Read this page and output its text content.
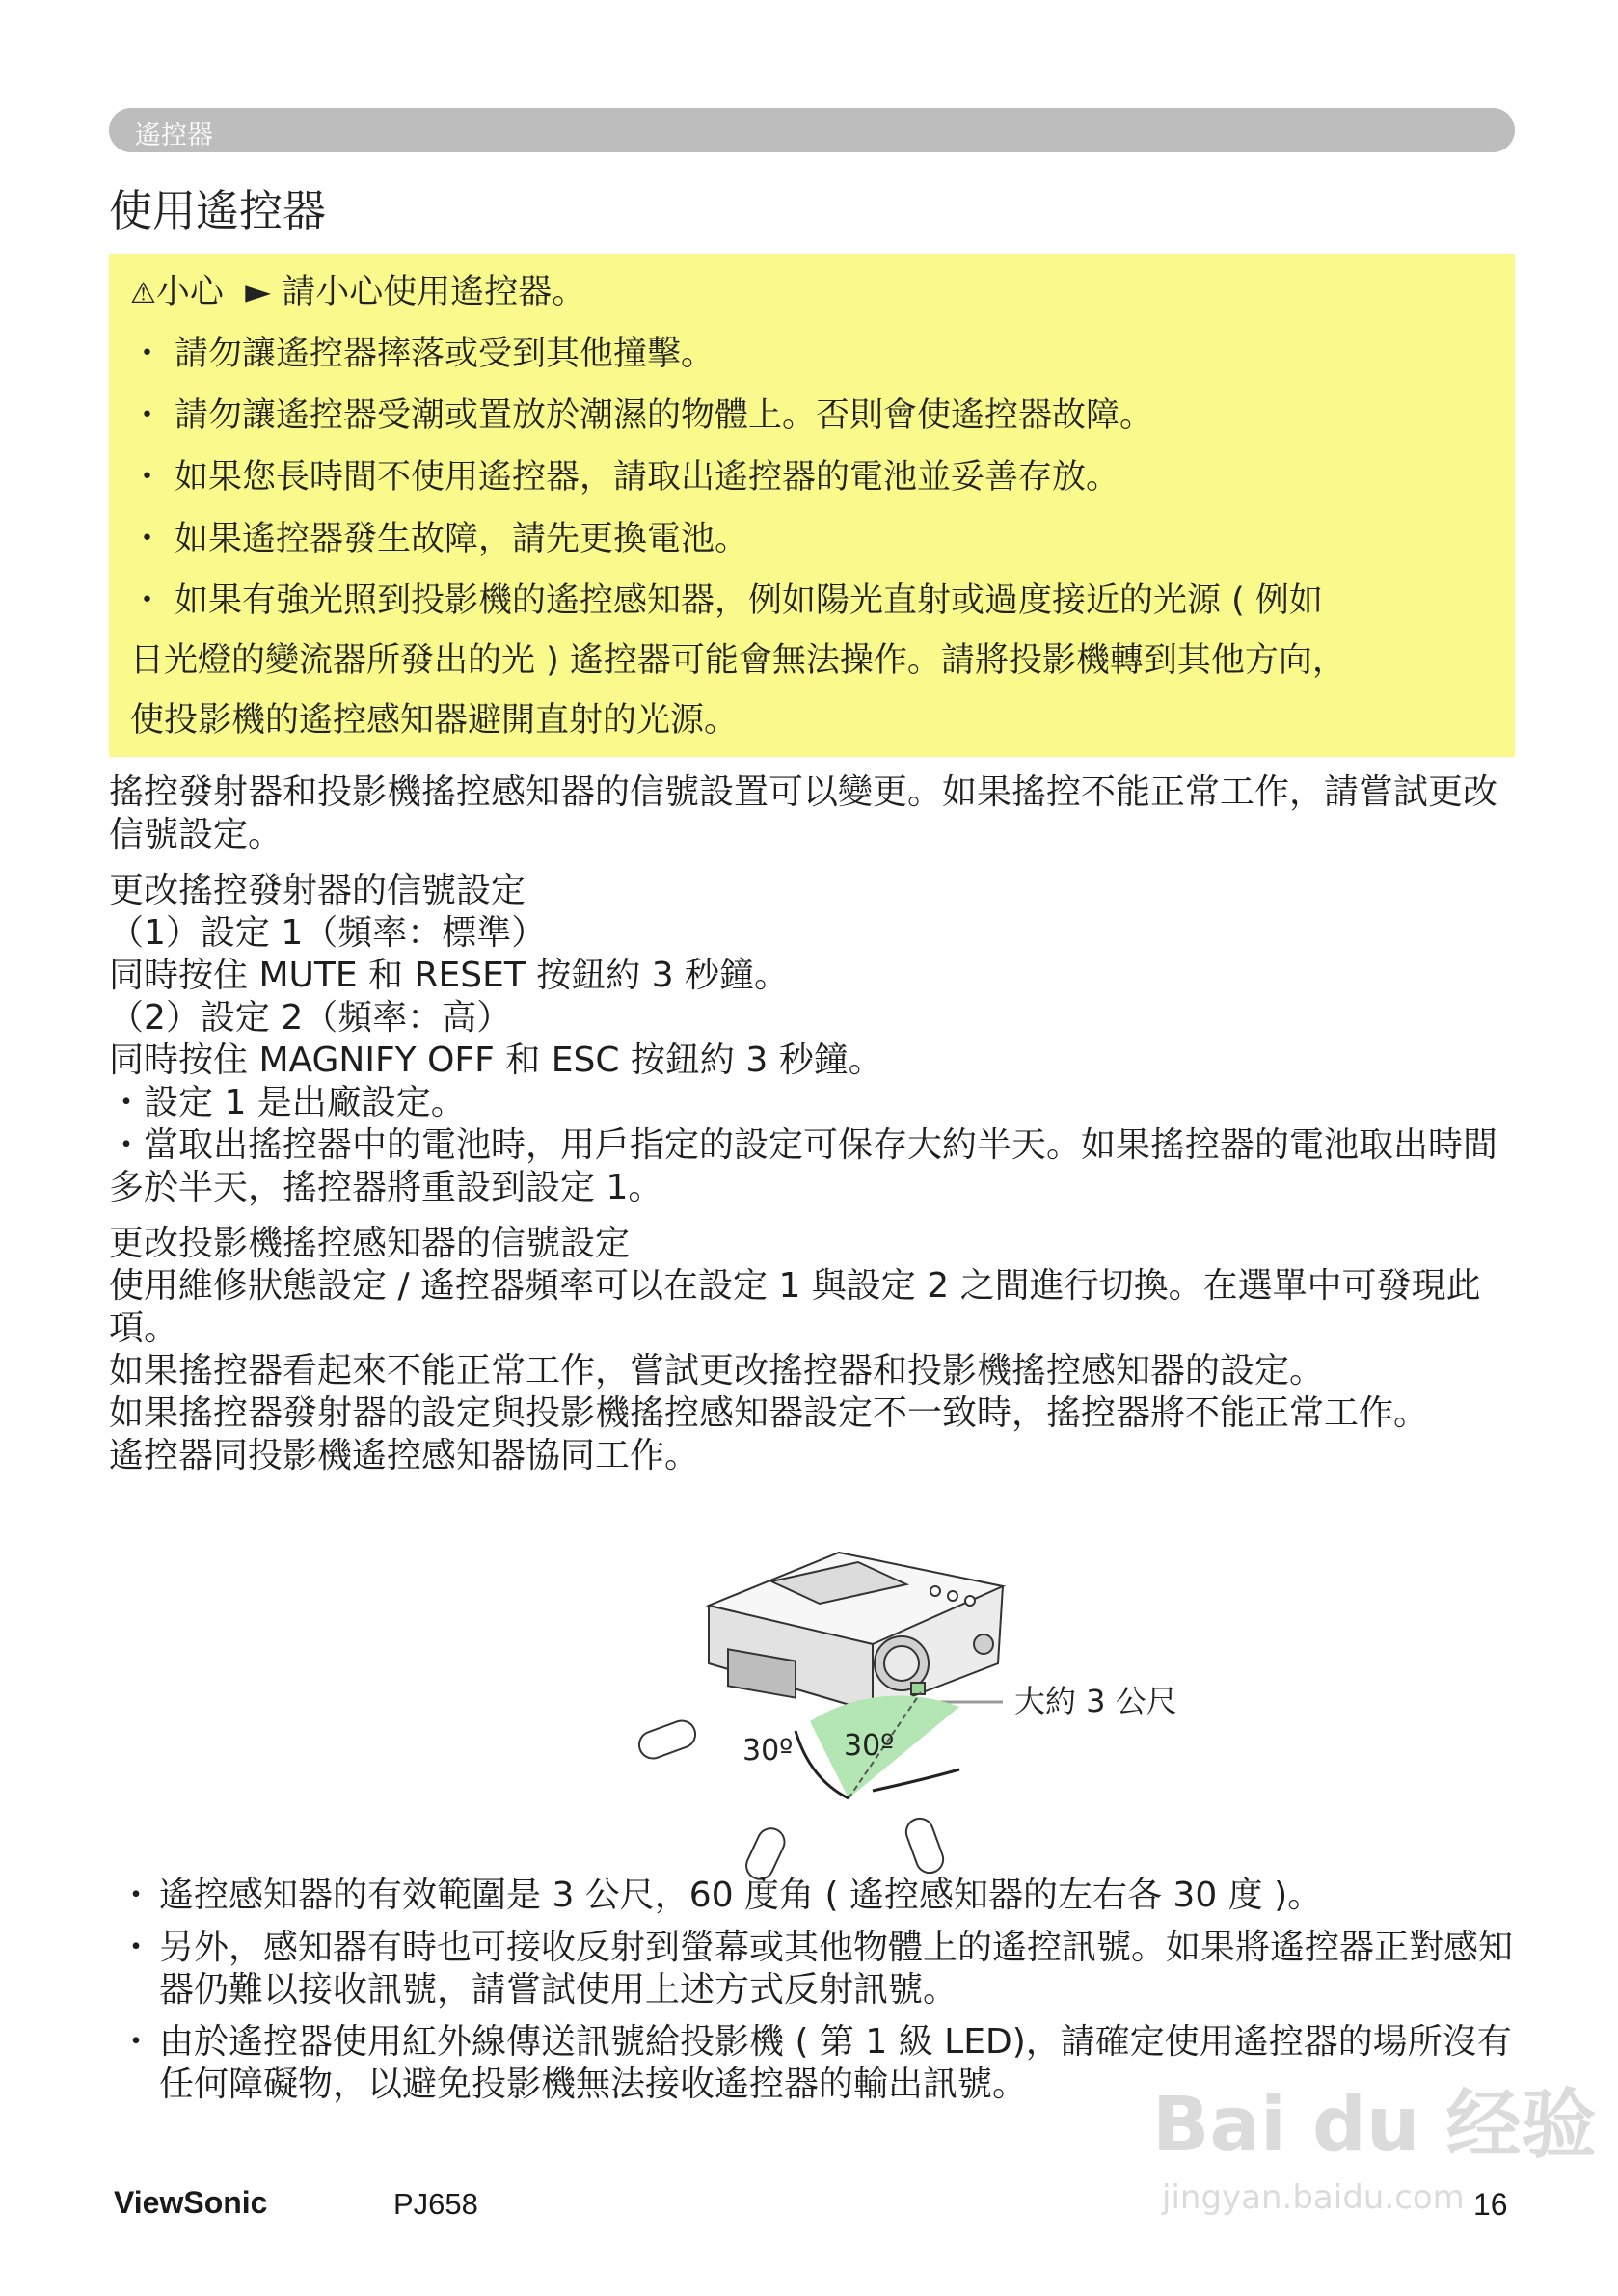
遙控器
使用遙控器
⚠小心 ► 請小心使用遙控器。
・ 請勿讓遙控器摔落或受到其他撞擊。
・ 請勿讓遙控器受潮或置放於潮濕的物體上。否則會使遙控器故障。
・ 如果您長時間不使用遙控器，請取出遙控器的電池並妥善存放。
・ 如果遙控器發生故障，請先更換電池。
・ 如果有強光照到投影機的遙控感知器，例如陽光直射或過度接近的光源 ( 例如
日光燈的變流器所發出的光 ) 遙控器可能會無法操作。請將投影機轉到其他方向，
使投影機的遙控感知器避開直射的光源。

搖控發射器和投影機搖控感知器的信號設置可以變更。如果搖控不能正常工作，請嘗試更改信號設定。

更改搖控發射器的信號設定

（1）設定 1（頻率：標準）

同時按住 MUTE 和 RESET 按鈕約 3 秒鐘。

（2）設定 2（頻率：高）

同時按住 MAGNIFY OFF 和 ESC 按鈕約 3 秒鐘。

・設定 1 是出廠設定。

・當取出搖控器中的電池時，用戶指定的設定可保存大約半天。如果搖控器的電池取出時間多於半天，搖控器將重設到設定 1。

更改投影機搖控感知器的信號設定

使用維修狀態設定 / 遙控器頻率可以在設定 1 與設定 2 之間進行切換。在選單中可發現此項。

如果搖控器看起來不能正常工作，嘗試更改搖控器和投影機搖控感知器的設定。

如果搖控器發射器的設定與投影機搖控感知器設定不一致時，搖控器將不能正常工作。

遙控器同投影機遙控感知器協同工作。

大約 3 公尺
30º 30º
・ 遙控感知器的有效範圍是 3 公尺，60 度角 ( 遙控感知器的左右各 30 度 )。
・ 另外，感知器有時也可接收反射到螢幕或其他物體上的遙控訊號。如果將遙控器正對感知器仍難以接收訊號，請嘗試使用上述方式反射訊號。
・ 由於遙控器使用紅外線傳送訊號給投影機 ( 第 1 級 LED)，請確定使用遙控器的場所沒有任何障礙物，以避免投影機無法接收遙控器的輸出訊號。	Bai du 经验
jingyan.baidu.com
ViewSonic	PJ658	16
